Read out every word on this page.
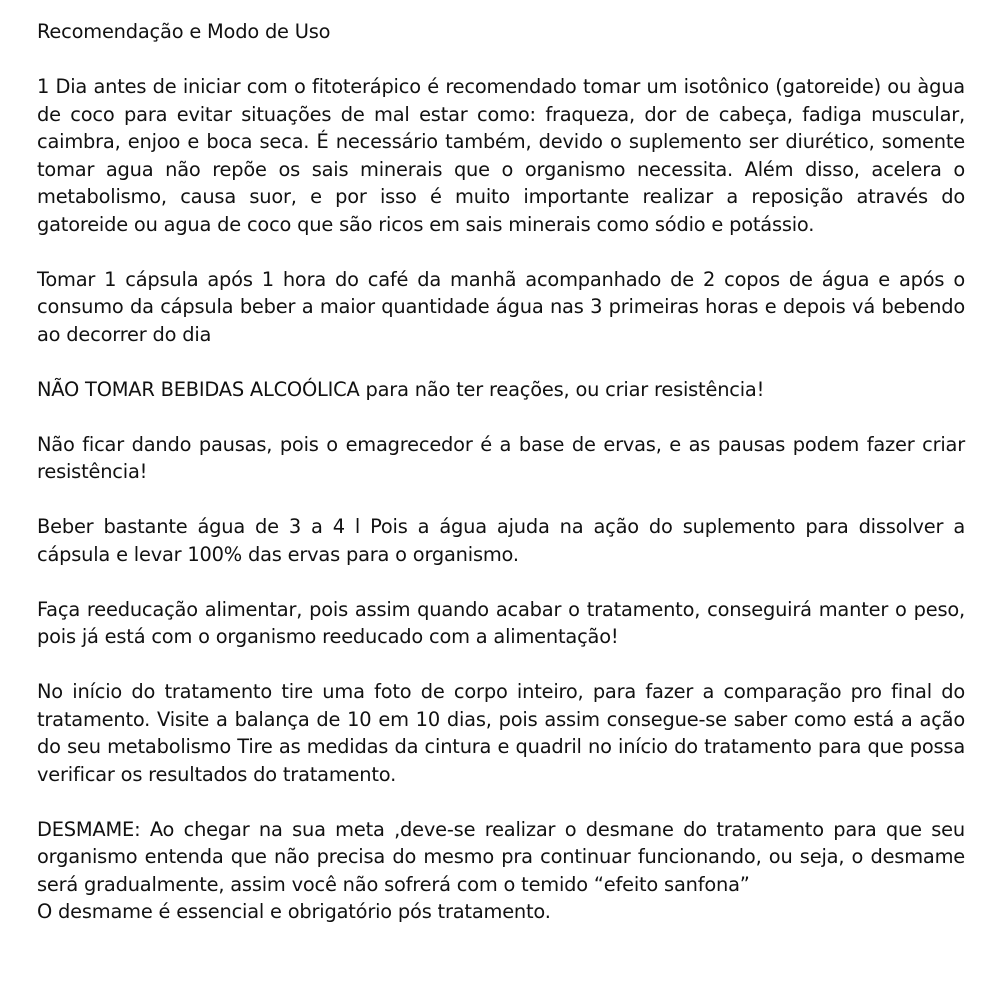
Recomendação e Modo de Uso

1 Dia antes de iniciar com o fitoterápico é recomendado tomar um isotônico (gatoreide) ou àgua de coco para evitar situações de mal estar como: fraqueza, dor de cabeça, fadiga muscular, caimbra, enjoo e boca seca. É necessário também, devido o suplemento ser diurético, somente tomar agua não repõe os sais minerais que o organismo necessita. Além disso, acelera o metabolismo, causa suor, e por isso é muito importante realizar a reposição através do gatoreide ou agua de coco que são ricos em sais minerais como sódio e potássio.

Tomar 1 cápsula após 1 hora do café da manhã acompanhado de 2 copos de água e após o consumo da cápsula beber a maior quantidade água nas 3 primeiras horas e depois vá bebendo ao decorrer do dia

NÃO TOMAR BEBIDAS ALCOÓLICA para não ter reações, ou criar resistência!

Não ficar dando pausas, pois o emagrecedor é a base de ervas, e as pausas podem fazer criar resistência!

Beber bastante água de 3 a 4 l Pois a água ajuda na ação do suplemento para dissolver a cápsula e levar 100% das ervas para o organismo.

Faça reeducação alimentar, pois assim quando acabar o tratamento, conseguirá manter o peso, pois já está com o organismo reeducado com a alimentação!

No início do tratamento tire uma foto de corpo inteiro, para fazer a comparação pro final do tratamento. Visite a balança de 10 em 10 dias, pois assim consegue-se saber como está a ação do seu metabolismo Tire as medidas da cintura e quadril no início do tratamento para que possa verificar os resultados do tratamento.

DESMAME: Ao chegar na sua meta ,deve-se realizar o desmane do tratamento para que seu organismo entenda que não precisa do mesmo pra continuar funcionando, ou seja, o desmame será gradualmente, assim você não sofrerá com o temido “efeito sanfona”
O desmame é essencial e obrigatório pós tratamento.
